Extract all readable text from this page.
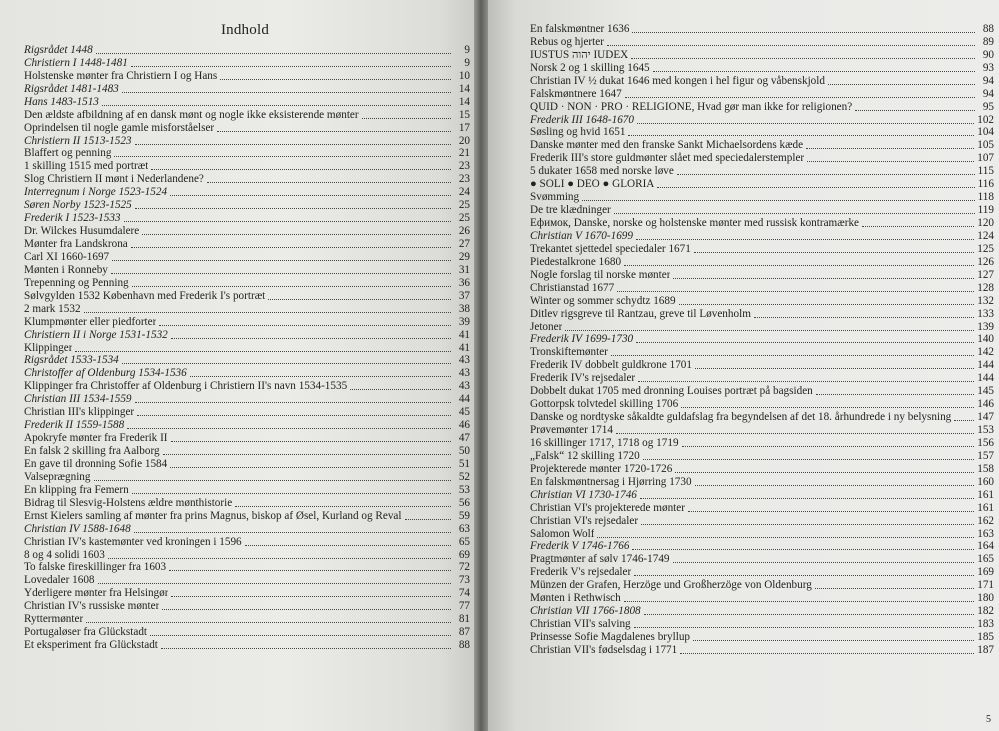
Indhold
Rigsrådet 1448	9
Christiern I 1448-1481	9
Holstenske mønter fra Christiern I og Hans	10
Rigsrådet 1481-1483	14
Hans 1483-1513	14
Den ældste afbildning af en dansk mønt og nogle ikke eksisterende mønter	15
Oprindelsen til nogle gamle misforståelser	17
Christiern II 1513-1523	20
Blaffert og penning	21
1 skilling 1515 med portræt	23
Slog Christiern II mønt i Nederlandene?	23
Interregnum i Norge 1523-1524	24
Søren Norby 1523-1525	25
Frederik I 1523-1533	25
Dr. Wilckes Husumdalere	26
Mønter fra Landskrona	27
Carl XI 1660-1697	29
Mønten i Ronneby	31
Trepenning og Penning	36
Sølvgylden 1532 København med Frederik I's portræt	37
2 mark 1532	38
Klumpmønter eller piedforter	39
Christiern II i Norge 1531-1532	41
Klippinger	41
Rigsrådet 1533-1534	43
Christoffer af Oldenburg 1534-1536	43
Klippinger fra Christoffer af Oldenburg i Christiern II's navn 1534-1535	43
Christian III 1534-1559	44
Christian III's klippinger	45
Frederik II 1559-1588	46
Apokryfe mønter fra Frederik II	47
En falsk 2 skilling fra Aalborg	50
En gave til dronning Sofie 1584	51
Valseprægning	52
En klipping fra Femern	53
Bidrag til Slesvig-Holstens ældre mønthistorie	56
Ernst Kielers samling af mønter fra prins Magnus, biskop af Øsel, Kurland og Reval	59
Christian IV 1588-1648	63
Christian IV's kastemønter ved kroningen i 1596	65
8 og 4 solidi 1603	69
To falske fireskillinger fra 1603	72
Lovedaler 1608	73
Yderligere mønter fra Helsingør	74
Christian IV's russiske mønter	77
Ryttermønter	81
Portugaløser fra Glückstadt	87
Et eksperiment fra Glückstadt	88
En falskmøntner 1636	88
Rebus og hjerter	89
IUSTUS יהוה IUDEX	90
Norsk 2 og 1 skilling 1645	93
Christian IV ½ dukat 1646 med kongen i hel figur og våbenskjold	94
Falskmøntnere 1647	94
QUID · NON · PRO · RELIGIONE, Hvad gør man ikke for religionen?	95
Frederik III 1648-1670	102
Søsling og hvid 1651	104
Danske mønter med den franske Sankt Michaelsordens kæde	105
Frederik III's store guldmønter slået med speciedalerstempler	107
5 dukater 1658 med norske løve	115
● SOLI ● DEO ● GLORIA	116
Svømming	118
De tre klædninger	119
Ефимок, Danske, norske og holstenske mønter med russisk kontramærke	120
Christian V 1670-1699	124
Trekantet sjettedel speciedaler 1671	125
Piedestalkrone 1680	126
Nogle forslag til norske mønter	127
Christianstad 1677	128
Winter og sommer schydtz 1689	132
Ditlev rigsgreve til Rantzau, greve til Løvenholm	133
Jetoner	139
Frederik IV 1699-1730	140
Tronskiftemønter	142
Frederik IV dobbelt guldkrone 1701	144
Frederik IV's rejsedaler	144
Dobbelt dukat 1705 med dronning Louises portræt på bagsiden	145
Gottorpsk tolvtedel skilling 1706	146
Danske og nordtyske såkaldte guldafslag fra begyndelsen af det 18. århundrede i ny belysning 147
Prøvemønter 1714	153
16 skillinger 1717, 1718 og 1719	156
„Falsk“ 12 skilling 1720	157
Projekterede mønter 1720-1726	158
En falskmøntnersag i Hjørring 1730	160
Christian VI 1730-1746	161
Christian VI's projekterede mønter	161
Christian VI's rejsedaler	162
Salomon Wolf	163
Frederik V 1746-1766	164
Pragtmønter af sølv 1746-1749	165
Frederik V's rejsedaler	169
Münzen der Grafen, Herzöge und Großherzöge von Oldenburg	171
Mønten i Rethwisch	180
Christian VII 1766-1808	182
Christian VII's salving	183
Prinsesse Sofie Magdalenes bryllup	185
Christian VII's fødselsdag i 1771	187
5
